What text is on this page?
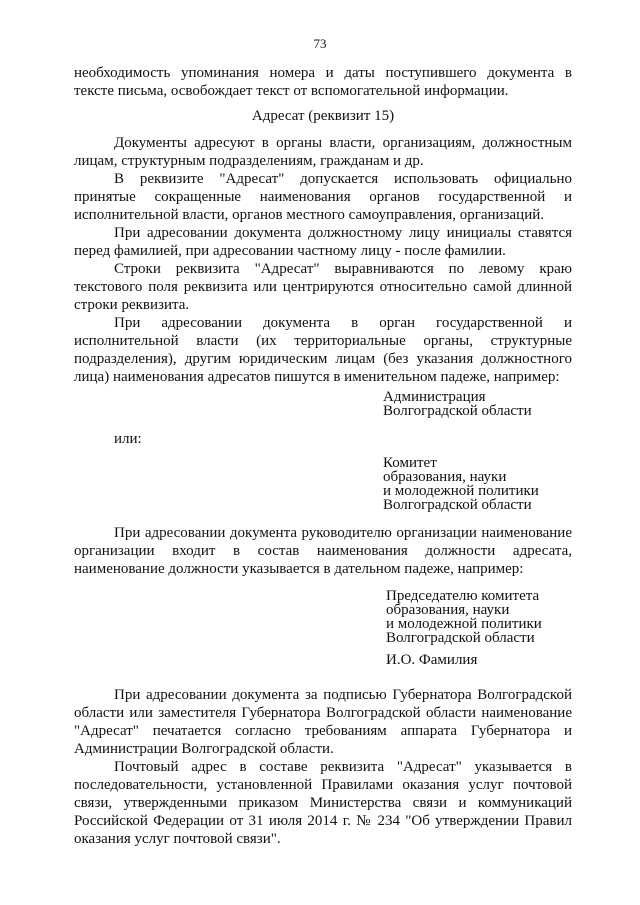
73
необходимость упоминания номера и даты поступившего документа в
тексте письма, освобождает текст от вспомогательной информации.
Адресат (реквизит 15)
Документы адресуют в органы власти, организациям, должностным
лицам, структурным подразделениям, гражданам и др.
В реквизите "Адресат" допускается использовать официально
принятые сокращенные наименования органов государственной и
исполнительной власти, органов местного самоуправления, организаций.
При адресовании документа должностному лицу инициалы ставятся
перед фамилией, при адресовании частному лицу - после фамилии.
Строки реквизита "Адресат" выравниваются по левому краю
текстового поля реквизита или центрируются относительно самой длинной
строки реквизита.
При адресовании документа в орган государственной и
исполнительной власти (их территориальные органы, структурные
подразделения), другим юридическим лицам (без указания должностного
лица) наименования адресатов пишутся в именительном падеже, например:
Администрация
Волгоградской области
или:
Комитет
образования, науки
и молодежной политики
Волгоградской области
При адресовании документа руководителю организации наименование
организации входит в состав наименования должности адресата,
наименование должности указывается в дательном падеже, например:
Председателю комитета
образования, науки
и молодежной политики
Волгоградской области
И.О. Фамилия
При адресовании документа за подписью Губернатора Волгоградской
области или заместителя Губернатора Волгоградской области наименование
"Адресат" печатается согласно требованиям аппарата Губернатора и
Администрации Волгоградской области.
Почтовый адрес в составе реквизита "Адресат" указывается в
последовательности, установленной Правилами оказания услуг почтовой
связи, утвержденными приказом Министерства связи и коммуникаций
Российской Федерации от 31 июля 2014 г. № 234 "Об утверждении Правил
оказания услуг почтовой связи".
